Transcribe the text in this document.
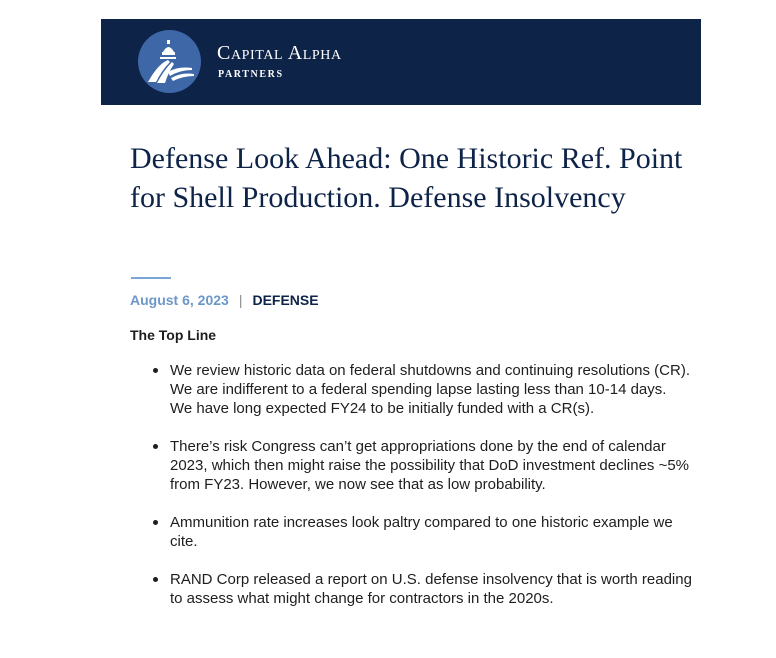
Capital Alpha
PARTNERS
Defense Look Ahead: One Historic Ref. Point for Shell Production. Defense Insolvency
August 6, 2023 | DEFENSE
The Top Line
We review historic data on federal shutdowns and continuing resolutions (CR). We are indifferent to a federal spending lapse lasting less than 10-14 days. We have long expected FY24 to be initially funded with a CR(s).
There’s risk Congress can’t get appropriations done by the end of calendar 2023, which then might raise the possibility that DoD investment declines ~5% from FY23. However, we now see that as low probability.
Ammunition rate increases look paltry compared to one historic example we cite.
RAND Corp released a report on U.S. defense insolvency that is worth reading to assess what might change for contractors in the 2020s.
